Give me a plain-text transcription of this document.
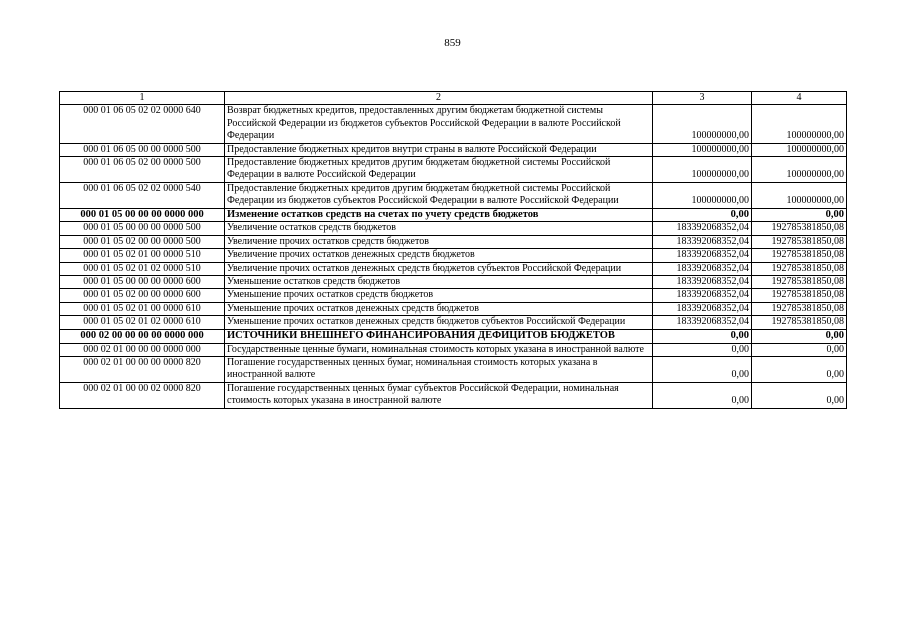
859
1	2	3	4
000 01 06 05 02 02 0000 640	Возврат бюджетных кредитов, предоставленных другим бюджетам бюджетной системы Российской Федерации из бюджетов субъектов Российской Федерации в валюте Российской Федерации	100000000,00	100000000,00
000 01 06 05 00 00 0000 500	Предоставление бюджетных кредитов внутри страны в валюте Российской Федерации	100000000,00	100000000,00
000 01 06 05 02 00 0000 500	Предоставление бюджетных кредитов другим бюджетам бюджетной системы Российской Федерации в валюте Российской Федерации	100000000,00	100000000,00
000 01 06 05 02 02 0000 540	Предоставление бюджетных кредитов другим бюджетам бюджетной системы Российской Федерации из бюджетов субъектов Российской Федерации в валюте Российской Федерации	100000000,00	100000000,00
000 01 05 00 00 00 0000 000	Изменение остатков средств на счетах по учету средств бюджетов	0,00	0,00
000 01 05 00 00 00 0000 500	Увеличение остатков средств бюджетов	183392068352,04	192785381850,08
000 01 05 02 00 00 0000 500	Увеличение прочих остатков средств бюджетов	183392068352,04	192785381850,08
000 01 05 02 01 00 0000 510	Увеличение прочих остатков денежных средств бюджетов	183392068352,04	192785381850,08
000 01 05 02 01 02 0000 510	Увеличение прочих остатков денежных средств бюджетов субъектов Российской Федерации	183392068352,04	192785381850,08
000 01 05 00 00 00 0000 600	Уменьшение остатков средств бюджетов	183392068352,04	192785381850,08
000 01 05 02 00 00 0000 600	Уменьшение прочих остатков средств бюджетов	183392068352,04	192785381850,08
000 01 05 02 01 00 0000 610	Уменьшение прочих остатков денежных средств бюджетов	183392068352,04	192785381850,08
000 01 05 02 01 02 0000 610	Уменьшение прочих остатков денежных средств бюджетов субъектов Российской Федерации	183392068352,04	192785381850,08
000 02 00 00 00 00 0000 000	ИСТОЧНИКИ ВНЕШНЕГО ФИНАНСИРОВАНИЯ ДЕФИЦИТОВ БЮДЖЕТОВ	0,00	0,00
000 02 01 00 00 00 0000 000	Государственные ценные бумаги, номинальная стоимость которых указана в иностранной валюте	0,00	0,00
000 02 01 00 00 00 0000 820	Погашение государственных ценных бумаг, номинальная стоимость которых указана в иностранной валюте	0,00	0,00
000 02 01 00 00 02 0000 820	Погашение государственных ценных бумаг субъектов Российской Федерации, номинальная стоимость которых указана в иностранной валюте	0,00	0,00
